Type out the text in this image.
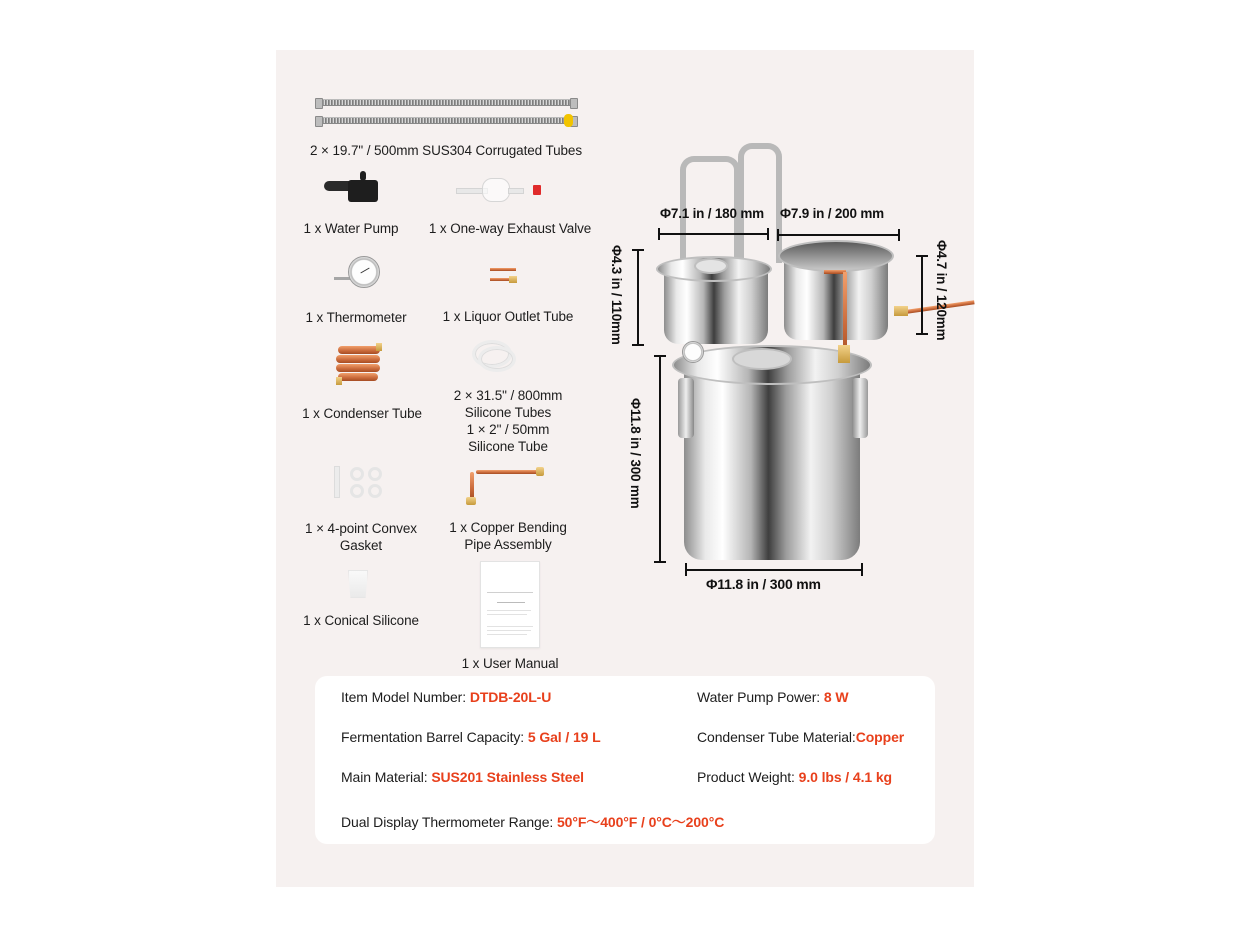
2 × 19.7" / 500mm SUS304 Corrugated Tubes
1 x Water Pump	1 x One-way Exhaust Valve
1 x Thermometer	1 x Liquor Outlet Tube
1 x Condenser Tube
2 × 31.5" / 800mm
Silicone Tubes
1 × 2" / 50mm
Silicone Tube
1 × 4-point Convex
Gasket
1 x Copper Bending
Pipe Assembly
1 x Conical Silicone
1 x User Manual
Φ7.1 in / 180 mm Φ7.9 in / 200 mm
Φ4.3 in / 110mm	Φ4.7 in / 120mm
Φ11.8 in / 300 mm
Φ11.8 in / 300 mm
Item Model Number: DTDB-20L-U	Water Pump Power: 8 W
Fermentation Barrel Capacity: 5 Gal / 19 L	Condenser Tube Material:Copper
Main Material: SUS201 Stainless Steel	Product Weight: 9.0 lbs / 4.1 kg
Dual Display Thermometer Range: 50°F～400°F / 0°C～200°C
